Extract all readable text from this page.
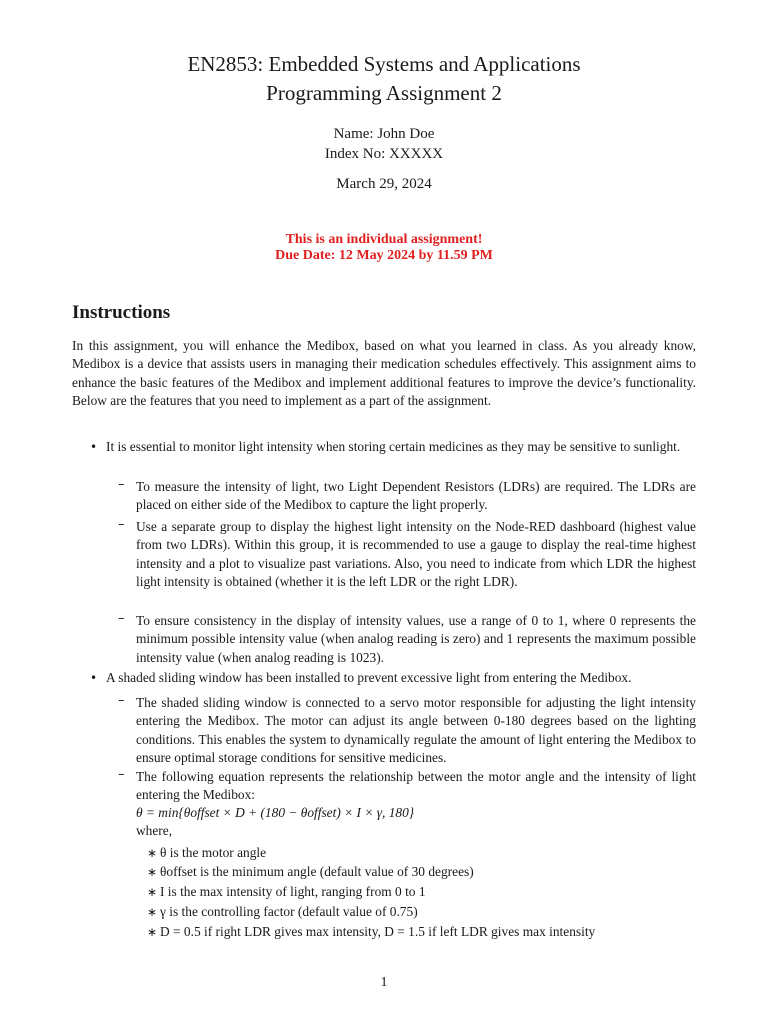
EN2853: Embedded Systems and Applications
Programming Assignment 2
Name: John Doe
Index No: XXXXX
March 29, 2024
This is an individual assignment!
Due Date: 12 May 2024 by 11.59 PM
Instructions
In this assignment, you will enhance the Medibox, based on what you learned in class. As you already know, Medibox is a device that assists users in managing their medication schedules effectively. This assignment aims to enhance the basic features of the Medibox and implement additional features to improve the device’s functionality. Below are the features that you need to implement as a part of the assignment.
• It is essential to monitor light intensity when storing certain medicines as they may be sensitive to sunlight.
– To measure the intensity of light, two Light Dependent Resistors (LDRs) are required. The LDRs are placed on either side of the Medibox to capture the light properly.
– Use a separate group to display the highest light intensity on the Node-RED dashboard (highest value from two LDRs). Within this group, it is recommended to use a gauge to display the real-time highest intensity and a plot to visualize past variations. Also, you need to indicate from which LDR the highest light intensity is obtained (whether it is the left LDR or the right LDR).
– To ensure consistency in the display of intensity values, use a range of 0 to 1, where 0 represents the minimum possible intensity value (when analog reading is zero) and 1 represents the maximum possible intensity value (when analog reading is 1023).
• A shaded sliding window has been installed to prevent excessive light from entering the Medibox.
– The shaded sliding window is connected to a servo motor responsible for adjusting the light intensity entering the Medibox. The motor can adjust its angle between 0-180 degrees based on the lighting conditions. This enables the system to dynamically regulate the amount of light entering the Medibox to ensure optimal storage conditions for sensitive medicines.
– The following equation represents the relationship between the motor angle and the intensity of light entering the Medibox:
θ = min{θoffset × D + (180 − θoffset) × I × γ, 180}
where,
∗ θ is the motor angle
∗ θoffset is the minimum angle (default value of 30 degrees)
∗ I is the max intensity of light, ranging from 0 to 1
∗ γ is the controlling factor (default value of 0.75)
∗ D = 0.5 if right LDR gives max intensity, D = 1.5 if left LDR gives max intensity
1
